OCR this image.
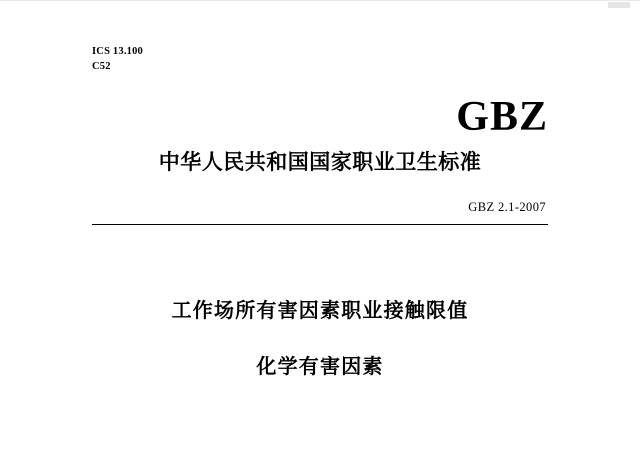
ICS 13.100
C52
GBZ
中华人民共和国国家职业卫生标准
GBZ 2.1-2007
工作场所有害因素职业接触限值
化学有害因素
